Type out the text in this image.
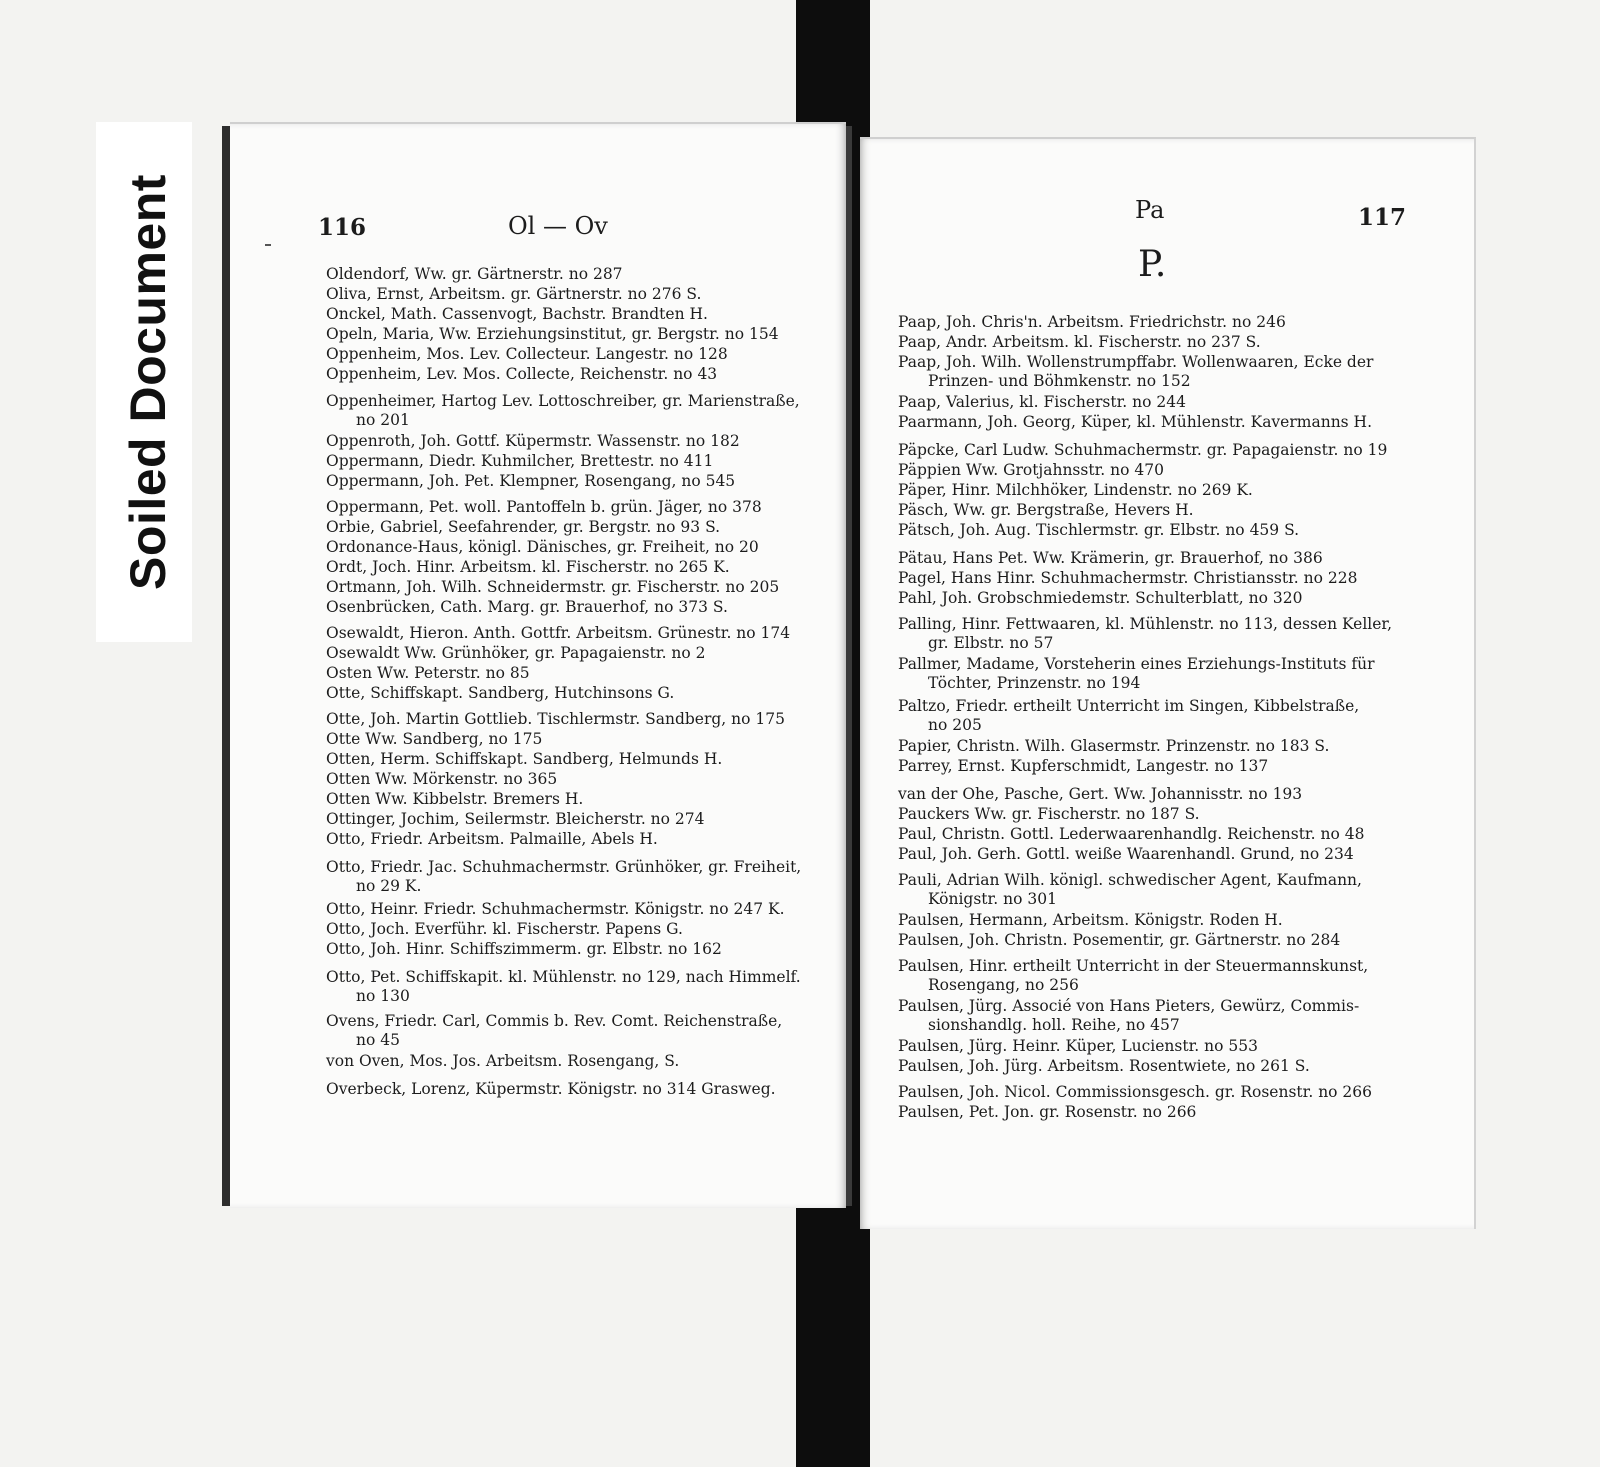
Soiled Document	116	Ol — Ov
Pa	117
P.
Oldendorf, Ww. gr. Gärtnerstr. no 287
Oliva, Ernst, Arbeitsm. gr. Gärtnerstr. no 276 S.
Onckel, Math. Cassenvogt, Bachstr. Brandten H.
Opeln, Maria, Ww. Erziehungsinstitut, gr. Bergstr. no 154
Oppenheim, Mos. Lev. Collecteur. Langestr. no 128
Oppenheim, Lev. Mos. Collecte, Reichenstr. no 43
Oppenheimer, Hartog Lev. Lottoschreiber, gr. Marienstraße,
no 201
Oppenroth, Joh. Gottf. Küpermstr. Wassenstr. no 182
Oppermann, Diedr. Kuhmilcher, Brettestr. no 411
Oppermann, Joh. Pet. Klempner, Rosengang, no 545
Oppermann, Pet. woll. Pantoffeln b. grün. Jäger, no 378
Orbie, Gabriel, Seefahrender, gr. Bergstr. no 93 S.
Ordonance-Haus, königl. Dänisches, gr. Freiheit, no 20
Ordt, Joch. Hinr. Arbeitsm. kl. Fischerstr. no 265 K.
Ortmann, Joh. Wilh. Schneidermstr. gr. Fischerstr. no 205
Osenbrücken, Cath. Marg. gr. Brauerhof, no 373 S.
Osewaldt, Hieron. Anth. Gottfr. Arbeitsm. Grünestr. no 174
Osewaldt Ww. Grünhöker, gr. Papagaienstr. no 2
Osten Ww. Peterstr. no 85
Otte, Schiffskapt. Sandberg, Hutchinsons G.
Otte, Joh. Martin Gottlieb. Tischlermstr. Sandberg, no 175
Otte Ww. Sandberg, no 175
Otten, Herm. Schiffskapt. Sandberg, Helmunds H.
Otten Ww. Mörkenstr. no 365
Otten Ww. Kibbelstr. Bremers H.
Ottinger, Jochim, Seilermstr. Bleicherstr. no 274
Otto, Friedr. Arbeitsm. Palmaille, Abels H.
Otto, Friedr. Jac. Schuhmachermstr. Grünhöker, gr. Freiheit,
no 29 K.
Otto, Heinr. Friedr. Schuhmachermstr. Königstr. no 247 K.
Otto, Joch. Everführ. kl. Fischerstr. Papens G.
Otto, Joh. Hinr. Schiffszimmerm. gr. Elbstr. no 162
Otto, Pet. Schiffskapit. kl. Mühlenstr. no 129, nach Himmelf.
no 130
Ovens, Friedr. Carl, Commis b. Rev. Comt. Reichenstraße,
no 45
von Oven, Mos. Jos. Arbeitsm. Rosengang, S.
Overbeck, Lorenz, Küpermstr. Königstr. no 314 Grasweg.
Paap, Joh. Chris'n. Arbeitsm. Friedrichstr. no 246
Paap, Andr. Arbeitsm. kl. Fischerstr. no 237 S.
Paap, Joh. Wilh. Wollenstrumpffabr. Wollenwaaren, Ecke der
Prinzen- und Böhmkenstr. no 152
Paap, Valerius, kl. Fischerstr. no 244
Paarmann, Joh. Georg, Küper, kl. Mühlenstr. Kavermanns H.
Päpcke, Carl Ludw. Schuhmachermstr. gr. Papagaienstr. no 19
Päppien Ww. Grotjahnsstr. no 470
Päper, Hinr. Milchhöker, Lindenstr. no 269 K.
Päsch, Ww. gr. Bergstraße, Hevers H.
Pätsch, Joh. Aug. Tischlermstr. gr. Elbstr. no 459 S.
Pätau, Hans Pet. Ww. Krämerin, gr. Brauerhof, no 386
Pagel, Hans Hinr. Schuhmachermstr. Christiansstr. no 228
Pahl, Joh. Grobschmiedemstr. Schulterblatt, no 320
Palling, Hinr. Fettwaaren, kl. Mühlenstr. no 113, dessen Keller,
gr. Elbstr. no 57
Pallmer, Madame, Vorsteherin eines Erziehungs-Instituts für
Töchter, Prinzenstr. no 194
Paltzo, Friedr. ertheilt Unterricht im Singen, Kibbelstraße,
no 205
Papier, Christn. Wilh. Glasermstr. Prinzenstr. no 183 S.
Parrey, Ernst. Kupferschmidt, Langestr. no 137
van der Ohe, Pasche, Gert. Ww. Johannisstr. no 193
Pauckers Ww. gr. Fischerstr. no 187 S.
Paul, Christn. Gottl. Lederwaarenhandlg. Reichenstr. no 48
Paul, Joh. Gerh. Gottl. weiße Waarenhandl. Grund, no 234
Pauli, Adrian Wilh. königl. schwedischer Agent, Kaufmann,
Königstr. no 301
Paulsen, Hermann, Arbeitsm. Königstr. Roden H.
Paulsen, Joh. Christn. Posementir, gr. Gärtnerstr. no 284
Paulsen, Hinr. ertheilt Unterricht in der Steuermannskunst,
Rosengang, no 256
Paulsen, Jürg. Associé von Hans Pieters, Gewürz, Commis-
sionshandlg. holl. Reihe, no 457
Paulsen, Jürg. Heinr. Küper, Lucienstr. no 553
Paulsen, Joh. Jürg. Arbeitsm. Rosentwiete, no 261 S.
Paulsen, Joh. Nicol. Commissionsgesch. gr. Rosenstr. no 266
Paulsen, Pet. Jon. gr. Rosenstr. no 266
